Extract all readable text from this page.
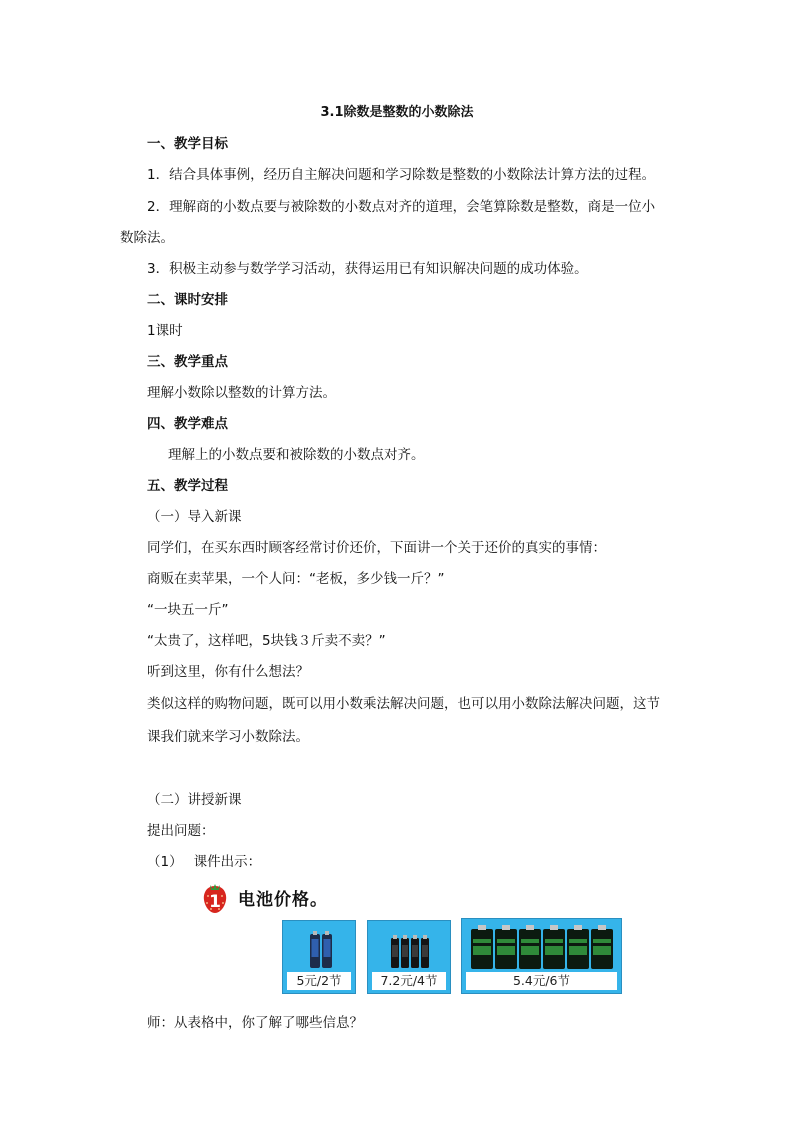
3.1除数是整数的小数除法
一、教学目标
1．结合具体事例，经历自主解决问题和学习除数是整数的小数除法计算方法的过程。
2．理解商的小数点要与被除数的小数点对齐的道理，会笔算除数是整数，商是一位小
数除法。
3．积极主动参与数学学习活动，获得运用已有知识解决问题的成功体验。
二、课时安排
1课时
三、教学重点
理解小数除以整数的计算方法。
四、教学难点
理解上的小数点要和被除数的小数点对齐。
五、教学过程
（一）导入新课
同学们，在买东西时顾客经常讨价还价，下面讲一个关于还价的真实的事情：
商贩在卖苹果，一个人问：“老板，多少钱一斤？”
“一块五一斤”
“太贵了，这样吧，5块钱３斤卖不卖？”
听到这里，你有什么想法？
类似这样的购物问题，既可以用小数乘法解决问题，也可以用小数除法解决问题，这节
课我们就来学习小数除法。
（二）讲授新课
提出问题：
（1）　 课件出示：
1	电池价格。
5元/2节	7.2元/4节	5.4元/6节
师：从表格中，你了解了哪些信息？
